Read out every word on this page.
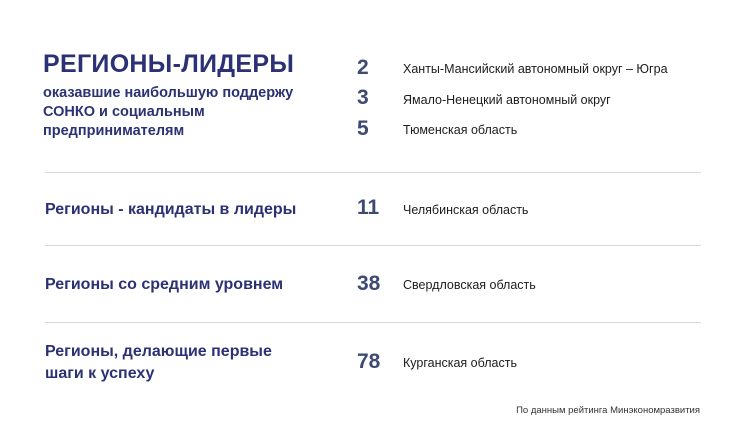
РЕГИОНЫ-ЛИДЕРЫ
оказавшие наибольшую поддержу
СОНКО и социальным
предпринимателям
2	Ханты-Мансийский автономный округ – Югра
3	Ямало-Ненецкий автономный округ
5	Тюменская область
Регионы - кандидаты в лидеры	11	Челябинская область
Регионы со средним уровнем	38	Свердловская область
Регионы, делающие первые
шаги к успеху
78	Курганская область
По данным рейтинга Минэкономразвития
